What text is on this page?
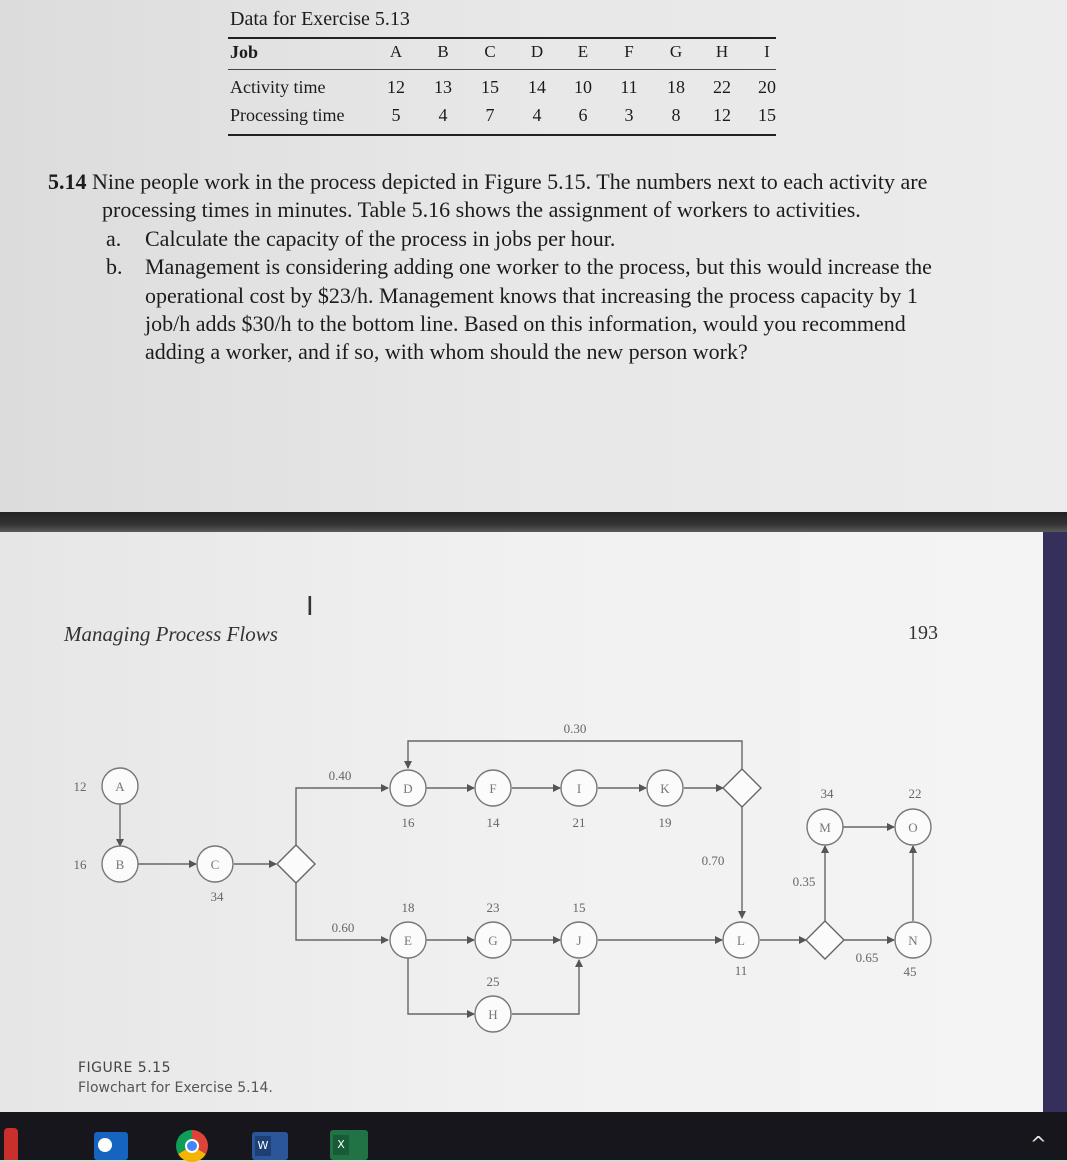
Data for Exercise 5.13
Job	A	B	C	D	E	F	G	H	I
Activity time	12	13	15	14	10	11	18	22	20
Processing time	5	4	7	4	6	3	8	12	15

5.14 Nine people work in the process depicted in Figure 5.15. The numbers next to each activity are processing times in minutes. Table 5.16 shows the assignment of workers to activities.

a. Calculate the capacity of the process in jobs per hour.

b. Management is considering adding one worker to the process, but this would increase the operational cost by $23/h. Management knows that increasing the process capacity by 1 job/h adds $30/h to the bottom line. Based on this information, would you recommend adding a worker, and if so, with whom should the new person work?

Managing Process Flows	193
I
A
B	C
D
E
F
G
H
I
J
K
L
M
N
O
12
16
34
16
18
14
23
25
21
15
19
11
34
45
22
0.40
0.60
0.30
0.70
0.35
0.65
FIGURE 5.15
Flowchart for Exercise 5.14.
W	X	^
